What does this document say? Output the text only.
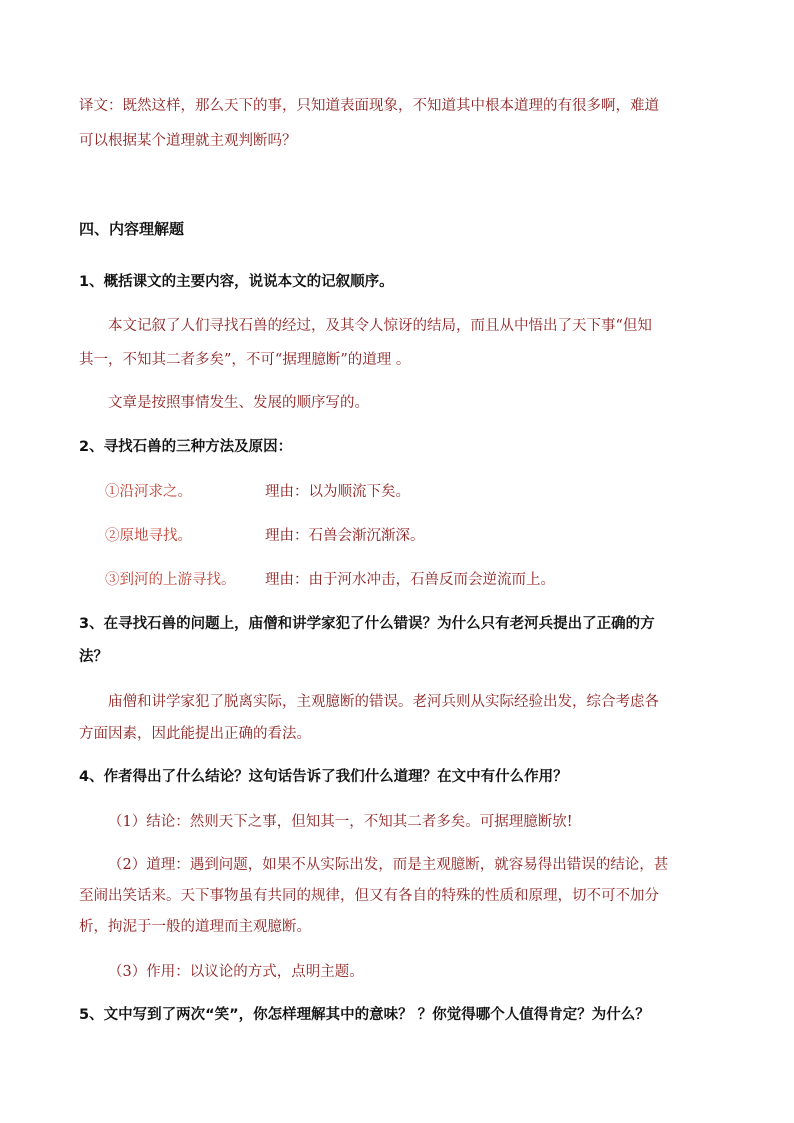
译文：既然这样，那么天下的事，只知道表面现象，不知道其中根本道理的有很多啊，难道
可以根据某个道理就主观判断吗？
四、内容理解题
1、概括课文的主要内容，说说本文的记叙顺序。
本文记叙了人们寻找石兽的经过，及其令人惊讶的结局，而且从中悟出了天下事“但知
其一，不知其二者多矣”，不可“据理臆断”的道理 。
文章是按照事情发生、发展的顺序写的。
2、寻找石兽的三种方法及原因：
①沿河求之。	理由：以为顺流下矣。
②原地寻找。	理由：石兽会渐沉渐深。
③到河的上游寻找。 理由：由于河水冲击，石兽反而会逆流而上。
3、在寻找石兽的问题上，庙僧和讲学家犯了什么错误？为什么只有老河兵提出了正确的方
法？
庙僧和讲学家犯了脱离实际，主观臆断的错误。老河兵则从实际经验出发，综合考虑各
方面因素，因此能提出正确的看法。
4、作者得出了什么结论？这句话告诉了我们什么道理？在文中有什么作用？
（1）结论：然则天下之事，但知其一，不知其二者多矣。可据理臆断欤!
（2）道理：遇到问题，如果不从实际出发，而是主观臆断，就容易得出错误的结论，甚
至闹出笑话来。天下事物虽有共同的规律，但又有各自的特殊的性质和原理，切不可不加分
析，拘泥于一般的道理而主观臆断。
（3）作用：以议论的方式，点明主题。
5、文中写到了两次“笑”，你怎样理解其中的意味？ ？你觉得哪个人值得肯定？为什么？
